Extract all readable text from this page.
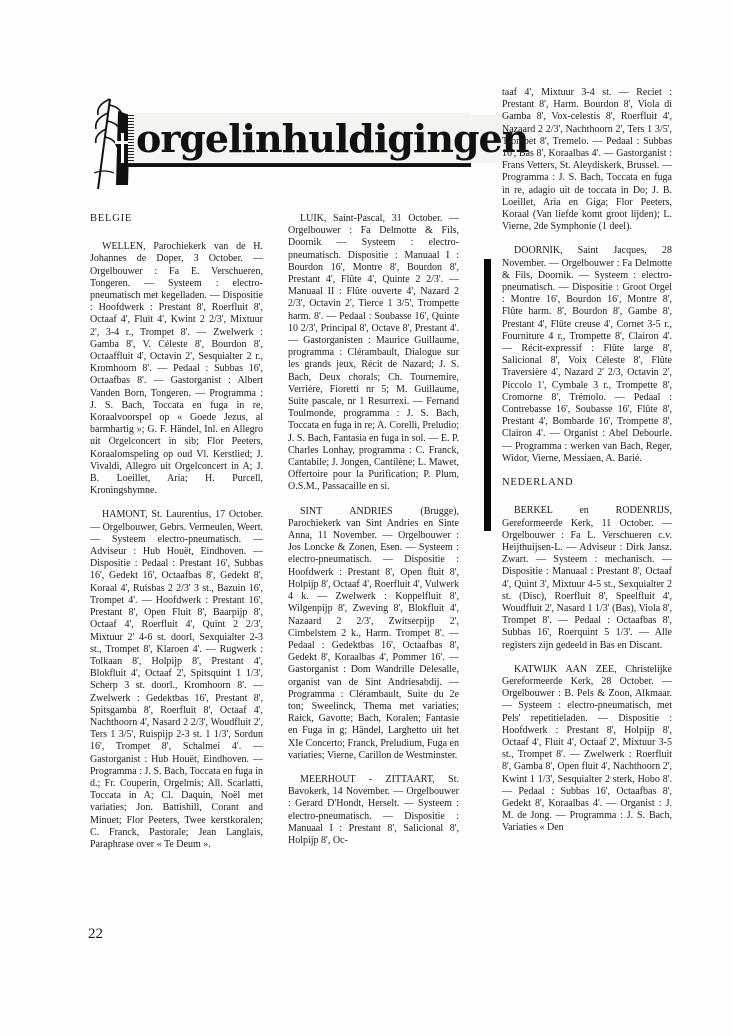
orgelinhuldigingen
BELGIE

WELLEN, Parochiekerk van de H. Johannes de Doper, 3 October. — Orgelbouwer : Fa E. Verschueren, Tongeren. — Systeem : electro-pneumatisch met kegelladen. — Dispositie : Hoofdwerk : Prestant 8', Roerfluit 8', Octaaf 4', Fluit 4', Kwint 2 2/3', Mixtuur 2', 3-4 r., Trompet 8'. — Zwelwerk : Gamba 8', V. Céleste 8', Bourdon 8', Octaaffluit 4', Octavin 2', Sesquialter 2 r., Kromhoorn 8'. — Pedaal : Subbas 16', Octaafbas 8'. — Gastorganist : Albert Vanden Born, Tongeren. — Programma : J. S. Bach, Toccata en fuga in re, Koraalvoorspel op « Goede Jezus, al barmhartig »; G. F. Händel, Inl. en Allegro uit Orgelconcert in sib; Flor Peeters, Koraalomspeling op oud Vl. Kerstlied; J. Vivaldi, Allegro uit Orgelconcert in A; J. B. Loeillet, Aria; H. Purcell, Kroningshymne.

HAMONT, St. Laurentius, 17 October. — Orgelbouwer, Gebrs. Vermeulen, Weert. — Systeem electro-pneumatisch. — Adviseur : Hub Houët, Eindhoven. — Dispositie : Pedaal : Prestant 16', Subbas 16', Gedekt 16', Octaafbas 8', Gedekt 8', Koraal 4', Ruisbas 2 2/3' 3 st., Bazuin 16', Trompet 4'. — Hoofdwerk : Prestant 16', Prestant 8', Open Fluit 8', Baarpijp 8', Octaaf 4', Roerfluit 4', Quint 2 2/3', Mixtuur 2' 4-6 st. doorl, Sexquialter 2-3 st., Trompet 8', Klaroen 4'. — Rugwerk : Tolkaan 8', Holpijp 8', Prestant 4', Blokfluit 4', Octaaf 2', Spitsquint 1 1/3', Scherp 3 st. doorl., Kromhoorn 8'. — Zwelwerk : Gedektbas 16', Prestant 8', Spitsgamba 8', Roerfluit 8', Octaaf 4', Nachthoorn 4', Nasard 2 2/3', Woudfluit 2', Ters 1 3/5', Ruispijp 2-3 st. 1 1/3', Sordun 16', Trompet 8', Schalmei 4'. — Gastorganist : Hub Houët, Eindhoven. — Programma : J. S. Bach, Toccata en fuga in d.; Fr. Couperin, Orgelmis; All. Scarlatti, Toccata in A; Cl. Daquin, Noël met variaties; Jon. Battishill, Corant and Minuet; Flor Peeters, Twee kerstkoralen; C. Franck, Pastorale; Jean Langlais, Paraphrase over « Te Deum ».

LUIK, Saint-Pascal, 31 October. — Orgelbouwer : Fa Delmotte & Fils, Doornik — Systeem : electro-pneumatisch. Dispositie : Manuaal I : Bourdon 16', Montre 8', Bourdon 8', Prestant 4', Flûte 4', Quinte 2 2/3'. — Manuaal II : Flûte ouverte 4', Nazard 2 2/3', Octavin 2', Tierce 1 3/5', Trompette harm. 8'. — Pedaal : Soubasse 16', Quinte 10 2/3', Principal 8', Octave 8', Prestant 4'. — Gastorganisten : Maurice Guillaume, programma : Clérambault, Dialogue sur les grands jeux, Récit de Nazard; J. S. Bach, Deux chorals; Ch. Tournemire, Verrière, Fioretti nr 5; M. Guillaume, Suite pascale, nr 1 Resurrexi. — Fernand Toulmonde, programma : J. S. Bach, Toccata en fuga in re; A. Corelli, Preludio; J. S. Bach, Fantasia en fuga in sol. — E. P. Charles Lonhay, programma : C. Franck, Cantabile; J. Jongen, Cantilène; L. Mawet, Offertoire pour la Purification; P. Plum, O.S.M., Passacaille en si.

SINT ANDRIES (Brugge), Parochiekerk van Sint Andries en Sinte Anna, 11 November. — Orgelbouwer : Jos Loncke & Zonen, Esen. — Systeem : electro-pneumatisch. — Dispositie : Hoofdwerk : Prestant 8', Open fluit 8', Holpijp 8', Octaaf 4', Roerfluit 4', Vulwerk 4 k. — Zwelwerk : Koppelfluit 8', Wilgenpijp 8', Zweving 8', Blokfluit 4', Nazaard 2 2/3', Zwitserpijp 2', Cimbelstem 2 k., Harm. Trompet 8'. — Pedaal : Gedektbas 16', Octaafbas 8', Gedekt 8', Koraalbas 4', Pommer 16'. — Gastorganist : Dom Wandrille Delesalle, organist van de Sint Andriesabdij. — Programma : Clérambault, Suite du 2e ton; Sweelinck, Thema met variaties; Raick, Gavotte; Bach, Koralen; Fantasie en Fuga in g; Händel, Larghetto uit het XIe Concerto; Franck, Preludium, Fuga en variaties; Vierne, Carillon de Westminster.

MEERHOUT - ZITTAART, St. Bavokerk, 14 November. — Orgelbouwer : Gerard D'Hondt, Herselt. — Systeem : electro-pneumatisch. — Dispositie : Manuaal I : Prestant 8', Salicional 8', Holpijp 8', Oc-

taaf 4', Mixtuur 3-4 st. — Reciet : Prestant 8', Harm. Bourdon 8', Viola di Gamba 8', Vox-celestis 8', Roerfluit 4', Nazaard 2 2/3', Nachthoorn 2', Ters 1 3/5', Trompet 8', Tremelo. — Pedaal : Subbas 16', Bas 8', Koraalbas 4'. — Gastorganist : Frans Vetters, St. Aleydiskerk, Brussel. — Programma : J. S. Bach, Toccata en fuga in re, adagio uit de toccata in Do; J. B. Loeillet, Aria en Giga; Flor Peeters, Koraal (Van liefde komt groot lijden); L. Vierne, 2de Symphonie (1 deel).

DOORNIK, Saint Jacques, 28 November. — Orgelbouwer : Fa Delmotte & Fils, Doornik. — Systeem : electro-pneumatisch. — Dispositie : Groot Orgel : Montre 16', Bourdon 16', Montre 8', Flûte harm. 8', Bourdon 8', Gambe 8', Prestant 4', Flûte creuse 4', Cornet 3-5 r., Fourniture 4 r., Trompette 8', Clairon 4'. — Récit-expressif : Flûte large 8', Salicional 8', Voix Céleste 8', Flûte Traversière 4', Nazard 2' 2/3, Octavin 2', Piccolo 1', Cymbale 3 r., Trompette 8', Cromorne 8', Trémolo. — Pedaal : Contrebasse 16', Soubasse 16', Flûte 8', Prestant 4', Bombarde 16', Trompette 8', Clairon 4'. — Organist : Abel Debourle. — Programma : werken van Bach, Reger, Widor, Vierne, Messiaen, A. Barié.

NEDERLAND

BERKEL en RODENRIJS, Gereformeerde Kerk, 11 October. — Orgelbouwer : Fa L. Verschueren c.v. Heijthuijsen-L. — Adviseur : Dirk Jansz. Zwart. — Systeem : mechanisch. — Dispositie : Manuaal : Prestant 8', Octaaf 4', Quint 3', Mixtuur 4-5 st., Sexquialter 2 st. (Disc), Roerfluit 8', Speelfluit 4', Woudfluit 2', Nasard 1 1/3' (Bas), Viola 8', Trompet 8'. — Pedaal : Octaafbas 8', Subbas 16', Roerquint 5 1/3'. — Alle registers zijn gedeeld in Bas en Discant.

KATWIJK AAN ZEE, Christelijke Gereformeerde Kerk, 28 October. — Orgelbouwer : B. Pels & Zoon, Alkmaar. — Systeem : electro-pneumatisch, met Pels' repetitieladen. — Dispositie : Hoofdwerk : Prestant 8', Holpijp 8', Octaaf 4', Fluit 4', Octaaf 2', Mixtuur 3-5 st., Trompet 8'. — Zwelwerk : Roerfluit 8', Gamba 8', Open fluit 4', Nachthoorn 2', Kwint 1 1/3', Sesquialter 2 sterk, Hobo 8'. — Pedaal : Subbas 16', Octaafbas 8', Gedekt 8', Koraalbas 4'. — Organist : J. M. de Jong. — Programma : J. S. Bach, Variaties « Den

22
